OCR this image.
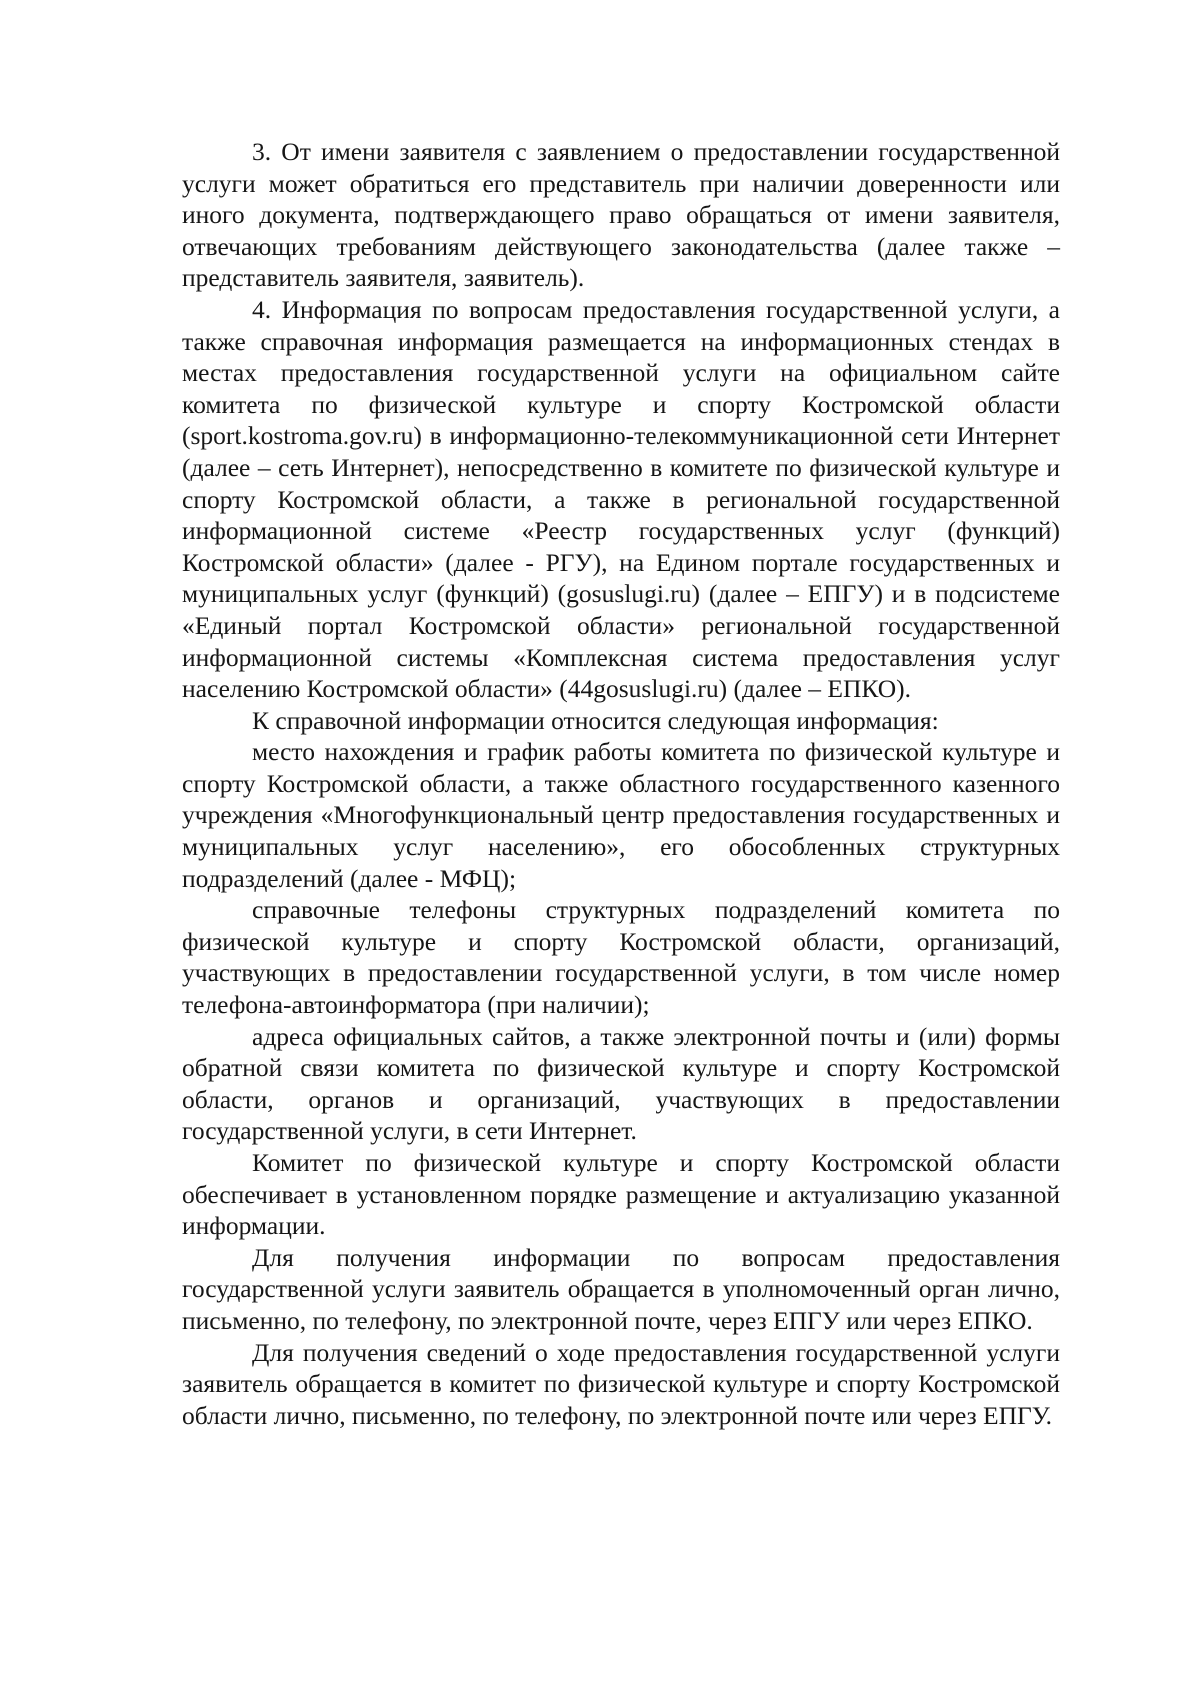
3. От имени заявителя с заявлением о предоставлении государственной услуги может обратиться его представитель при наличии доверенности или иного документа, подтверждающего право обращаться от имени заявителя, отвечающих требованиям действующего законодательства (далее также – представитель заявителя, заявитель).

4. Информация по вопросам предоставления государственной услуги, а также справочная информация размещается на информационных стендах в местах предоставления государственной услуги на официальном сайте комитета по физической культуре и спорту Костромской области (sport.kostroma.gov.ru) в информационно-телекоммуникационной сети Интернет (далее – сеть Интернет), непосредственно в комитете по физической культуре и спорту Костромской области, а также в региональной государственной информационной системе «Реестр государственных услуг (функций) Костромской области» (далее - РГУ), на Едином портале государственных и муниципальных услуг (функций) (gosuslugi.ru) (далее – ЕПГУ) и в подсистеме «Единый портал Костромской области» региональной государственной информационной системы «Комплексная система предоставления услуг населению Костромской области» (44gosuslugi.ru) (далее – ЕПКО).

К справочной информации относится следующая информация:

место нахождения и график работы комитета по физической культуре и спорту Костромской области, а также областного государственного казенного учреждения «Многофункциональный центр предоставления государственных и муниципальных услуг населению», его обособленных структурных подразделений (далее - МФЦ);

справочные телефоны структурных подразделений комитета по физической культуре и спорту Костромской области, организаций, участвующих в предоставлении государственной услуги, в том числе номер телефона-автоинформатора (при наличии);

адреса официальных сайтов, а также электронной почты и (или) формы обратной связи комитета по физической культуре и спорту Костромской области, органов и организаций, участвующих в предоставлении государственной услуги, в сети Интернет.

Комитет по физической культуре и спорту Костромской области обеспечивает в установленном порядке размещение и актуализацию указанной информации.

Для получения информации по вопросам предоставления государственной услуги заявитель обращается в уполномоченный орган лично, письменно, по телефону, по электронной почте, через ЕПГУ или через ЕПКО.

Для получения сведений о ходе предоставления государственной услуги заявитель обращается в комитет по физической культуре и спорту Костромской области лично, письменно, по телефону, по электронной почте или через ЕПГУ.
